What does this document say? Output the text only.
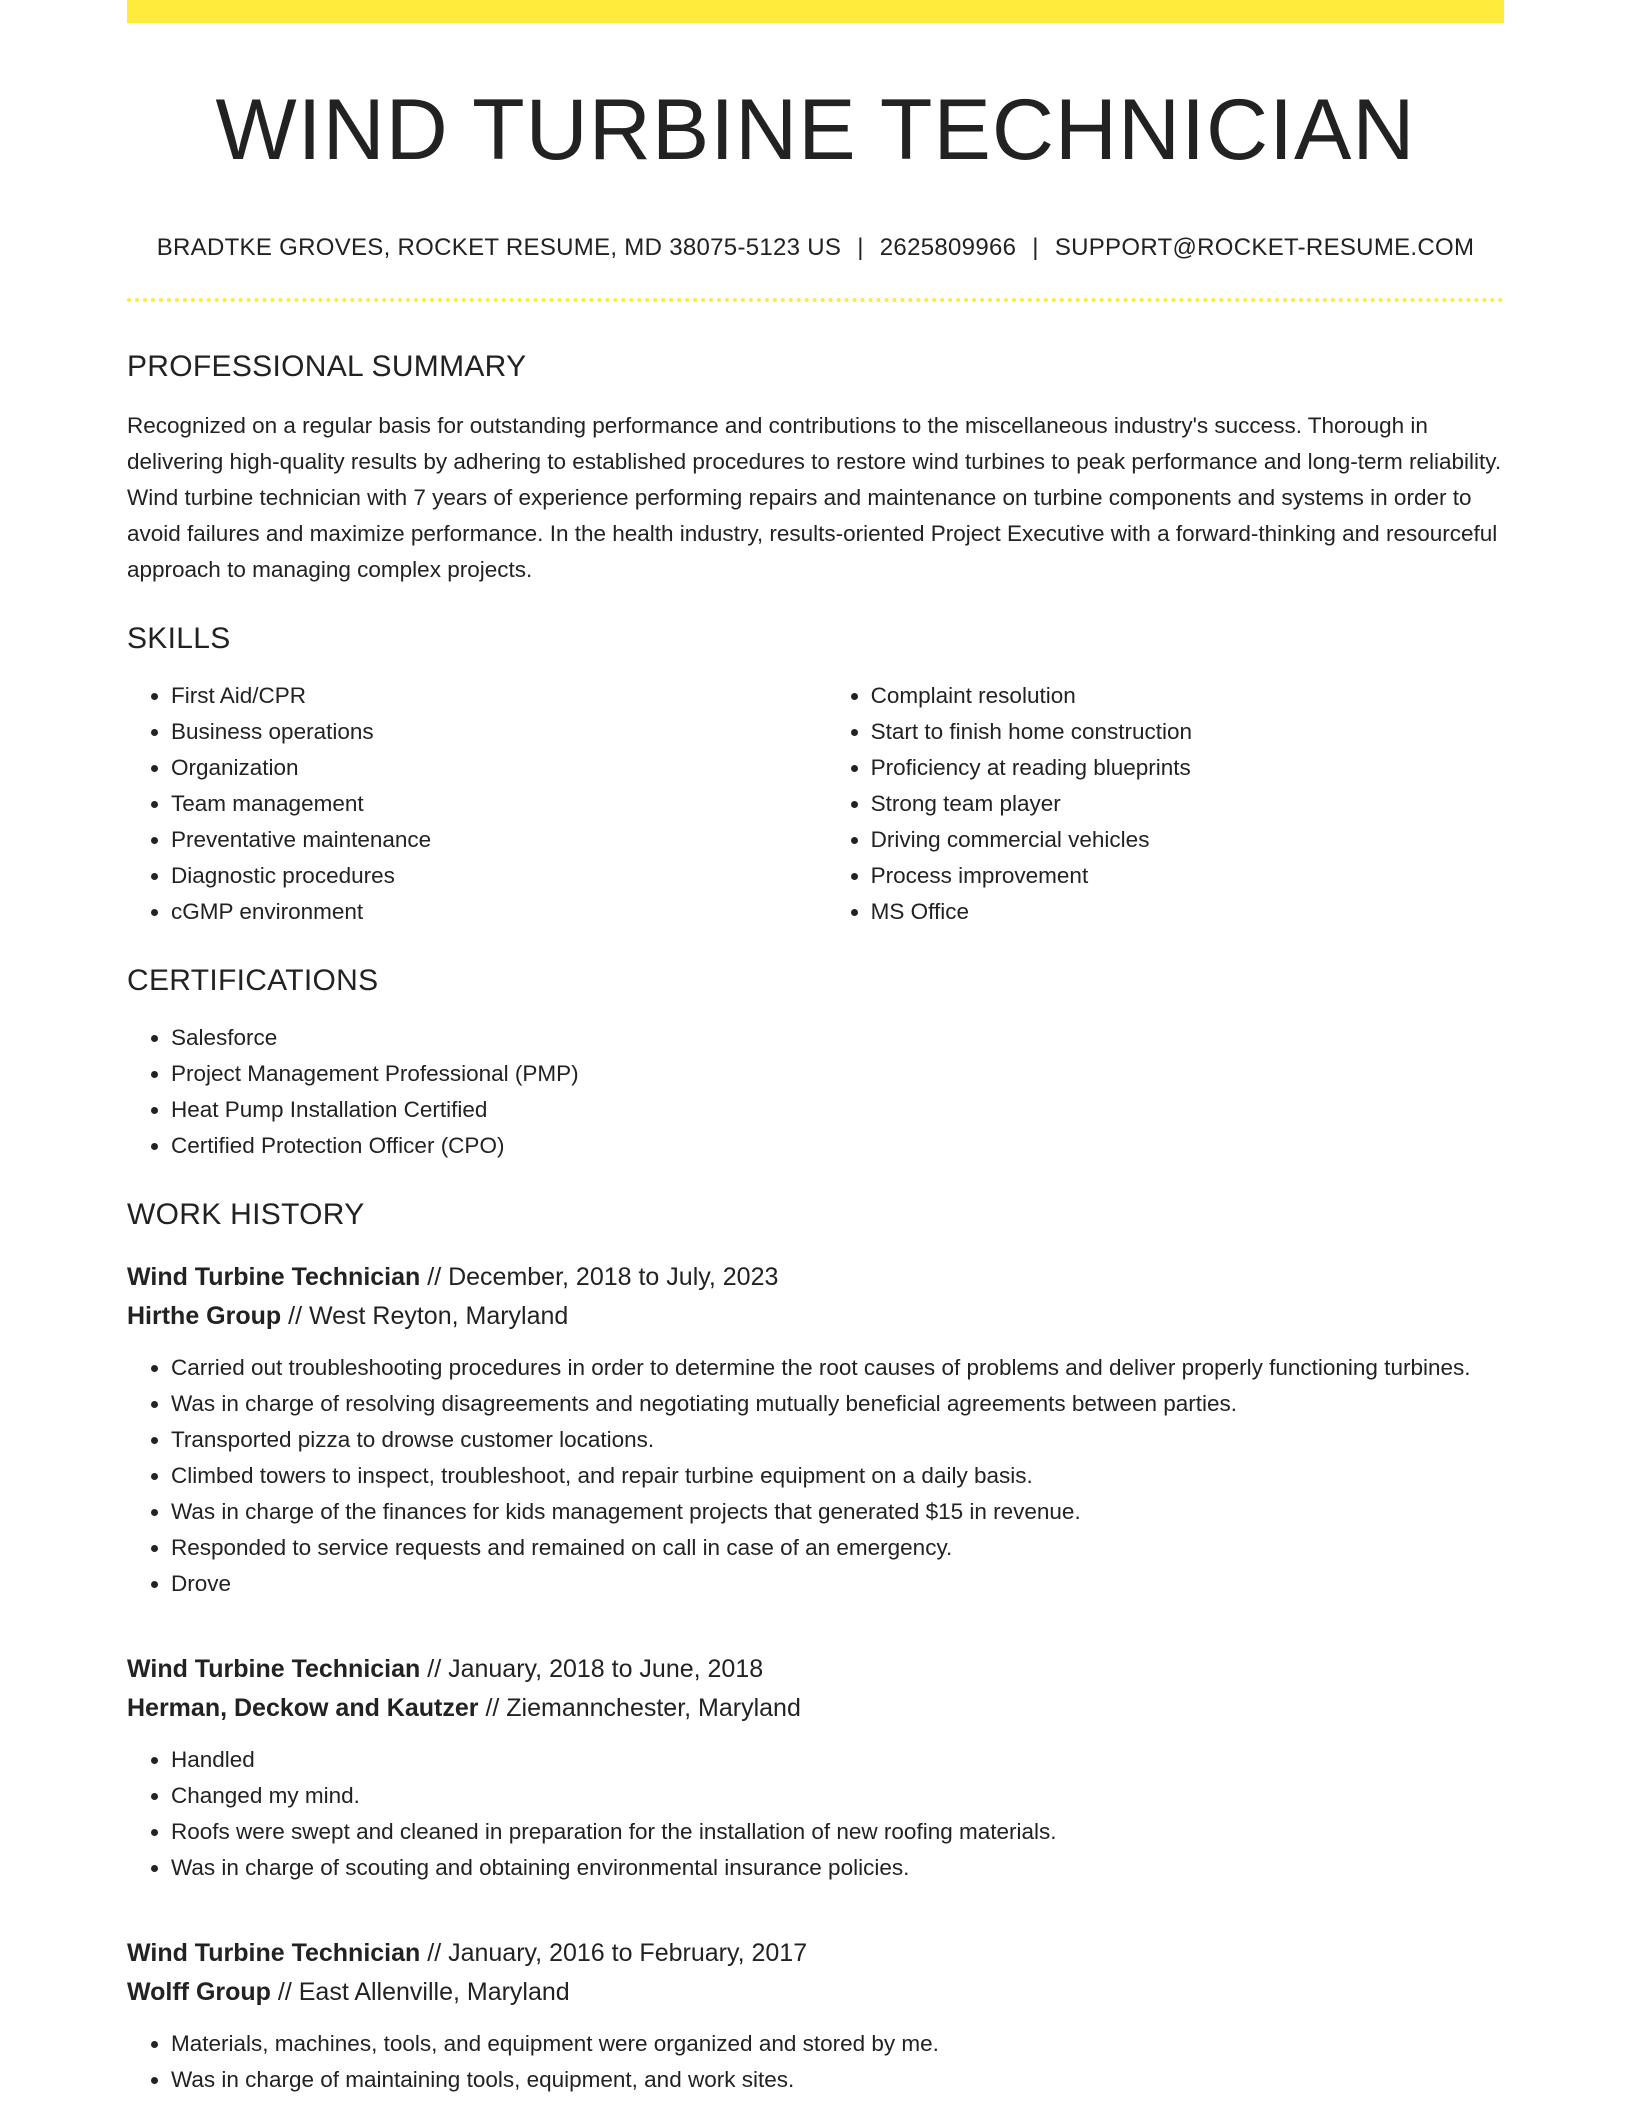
WIND TURBINE TECHNICIAN
BRADTKE GROVES, ROCKET RESUME, MD 38075-5123 US | 2625809966 | SUPPORT@ROCKET-RESUME.COM
PROFESSIONAL SUMMARY

Recognized on a regular basis for outstanding performance and contributions to the miscellaneous industry's success. Thorough in delivering high-quality results by adhering to established procedures to restore wind turbines to peak performance and long-term reliability. Wind turbine technician with 7 years of experience performing repairs and maintenance on turbine components and systems in order to avoid failures and maximize performance. In the health industry, results-oriented Project Executive with a forward-thinking and resourceful approach to managing complex projects.

SKILLS
• First Aid/CPR
• Business operations
• Organization
• Team management
• Preventative maintenance
• Diagnostic procedures
• cGMP environment
• Complaint resolution
• Start to finish home construction
• Proficiency at reading blueprints
• Strong team player
• Driving commercial vehicles
• Process improvement
• MS Office
CERTIFICATIONS
• Salesforce
• Project Management Professional (PMP)
• Heat Pump Installation Certified
• Certified Protection Officer (CPO)
WORK HISTORY
Wind Turbine Technician // December, 2018 to July, 2023
Hirthe Group // West Reyton, Maryland
• Carried out troubleshooting procedures in order to determine the root causes of problems and deliver properly functioning turbines.
• Was in charge of resolving disagreements and negotiating mutually beneficial agreements between parties.
• Transported pizza to drowse customer locations.
• Climbed towers to inspect, troubleshoot, and repair turbine equipment on a daily basis.
• Was in charge of the finances for kids management projects that generated $15 in revenue.
• Responded to service requests and remained on call in case of an emergency.
• Drove
Wind Turbine Technician // January, 2018 to June, 2018
Herman, Deckow and Kautzer // Ziemannchester, Maryland
• Handled
• Changed my mind.
• Roofs were swept and cleaned in preparation for the installation of new roofing materials.
• Was in charge of scouting and obtaining environmental insurance policies.
Wind Turbine Technician // January, 2016 to February, 2017
Wolff Group // East Allenville, Maryland
• Materials, machines, tools, and equipment were organized and stored by me.
• Was in charge of maintaining tools, equipment, and work sites.
